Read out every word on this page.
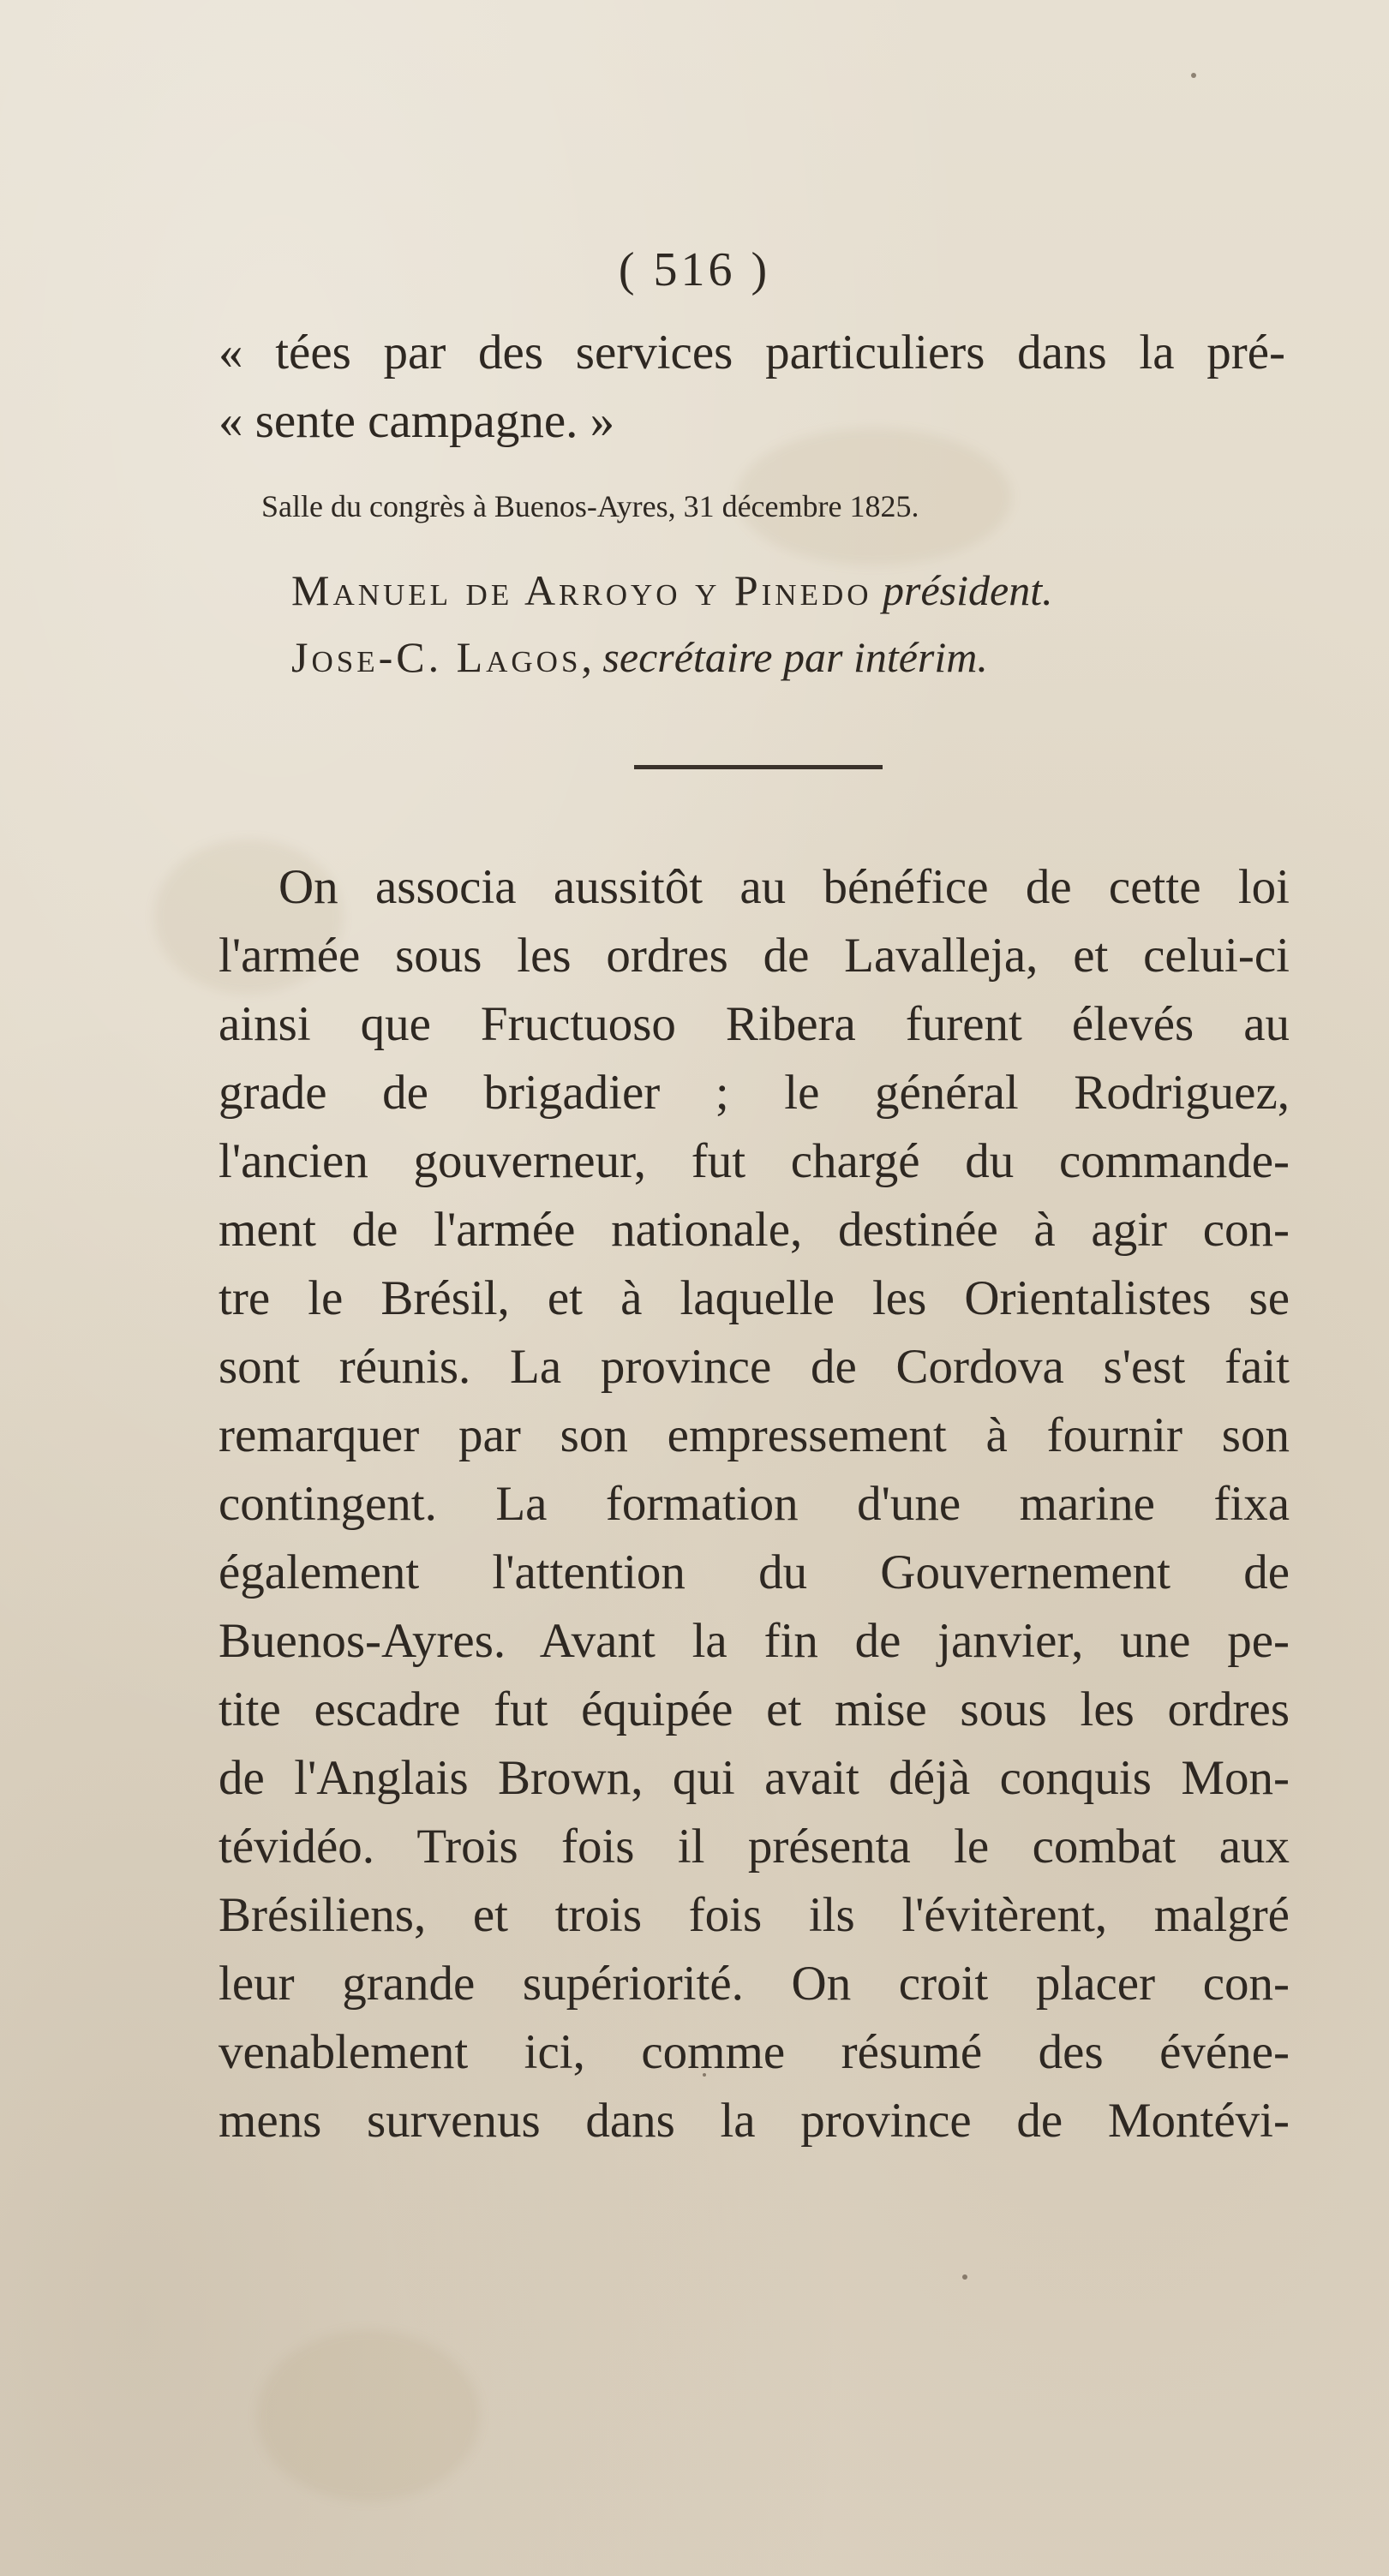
( 516 )
« tées par des services particuliers dans la pré-
« sente campagne. »
Salle du congrès à Buenos-Ayres, 31 décembre 1825.
Manuel de Arroyo y Pinedo président.
Jose-C. Lagos, secrétaire par intérim.
On associa aussitôt au bénéfice de cette loi
l'armée sous les ordres de Lavalleja, et celui-ci
ainsi que Fructuoso Ribera furent élevés au
grade de brigadier ; le général Rodriguez,
l'ancien gouverneur, fut chargé du commande-
ment de l'armée nationale, destinée à agir con-
tre le Brésil, et à laquelle les Orientalistes se
sont réunis. La province de Cordova s'est fait
remarquer par son empressement à fournir son
contingent. La formation d'une marine fixa
également l'attention du Gouvernement de
Buenos-Ayres. Avant la fin de janvier, une pe-
tite escadre fut équipée et mise sous les ordres
de l'Anglais Brown, qui avait déjà conquis Mon-
tévidéo. Trois fois il présenta le combat aux
Brésiliens, et trois fois ils l'évitèrent, malgré
leur grande supériorité. On croit placer con-
venablement ici, comme résumé des événe-
mens survenus dans la province de Montévi-
